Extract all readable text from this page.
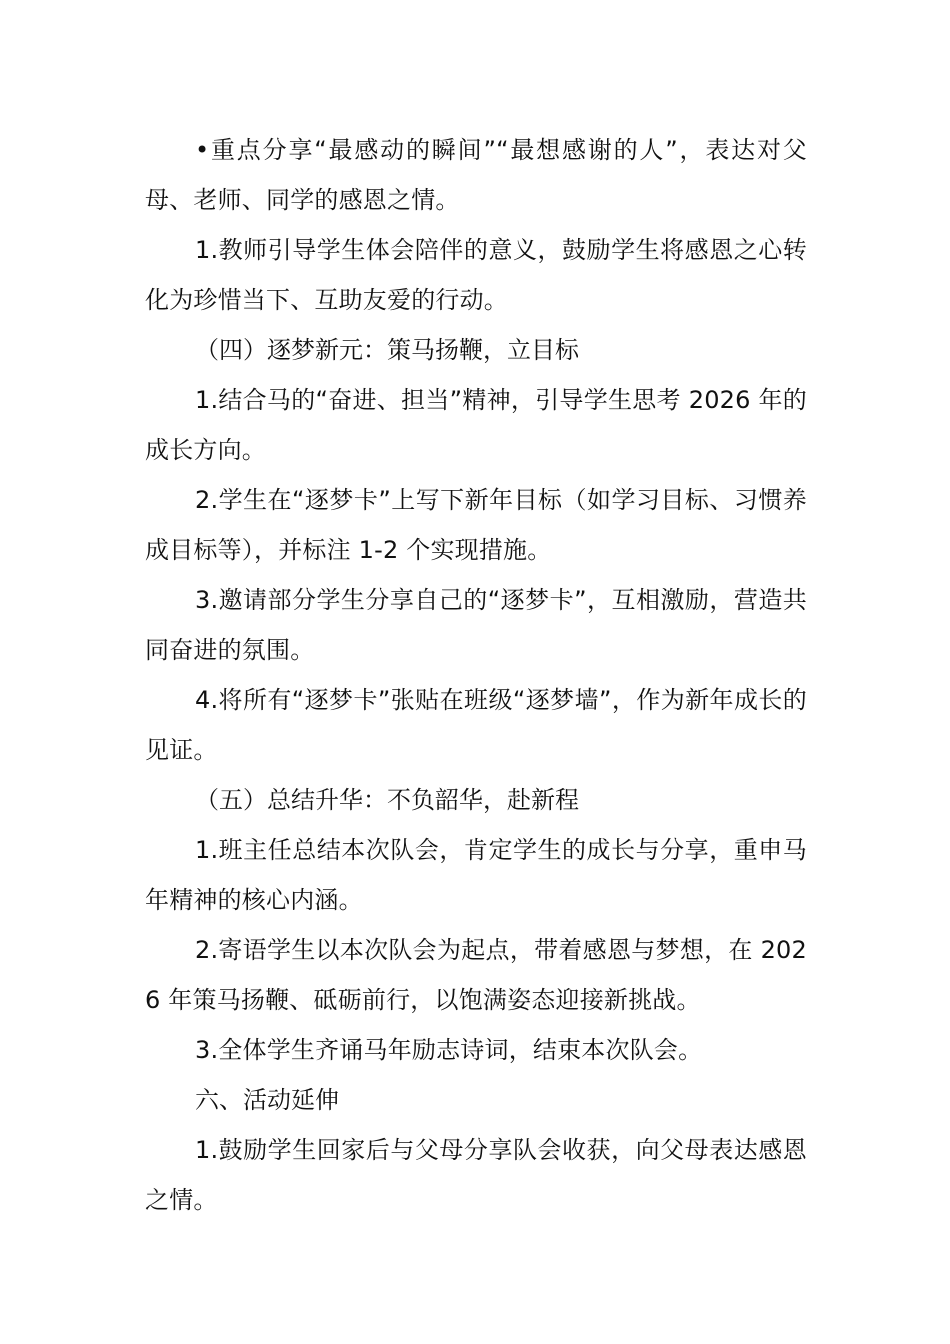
•重点分享“最感动的瞬间”“最想感谢的人”，表达对父母、老师、同学的感恩之情。

1.教师引导学生体会陪伴的意义，鼓励学生将感恩之心转化为珍惜当下、互助友爱的行动。

（四）逐梦新元：策马扬鞭，立目标

1.结合马的“奋进、担当”精神，引导学生思考 2026 年的成长方向。

2.学生在“逐梦卡”上写下新年目标（如学习目标、习惯养成目标等），并标注 1-2 个实现措施。

3.邀请部分学生分享自己的“逐梦卡”，互相激励，营造共同奋进的氛围。

4.将所有“逐梦卡”张贴在班级“逐梦墙”，作为新年成长的见证。

（五）总结升华：不负韶华，赴新程

1.班主任总结本次队会，肯定学生的成长与分享，重申马年精神的核心内涵。

2.寄语学生以本次队会为起点，带着感恩与梦想，在 2026 年策马扬鞭、砥砺前行，以饱满姿态迎接新挑战。

3.全体学生齐诵马年励志诗词，结束本次队会。

六、活动延伸

1.鼓励学生回家后与父母分享队会收获，向父母表达感恩之情。
